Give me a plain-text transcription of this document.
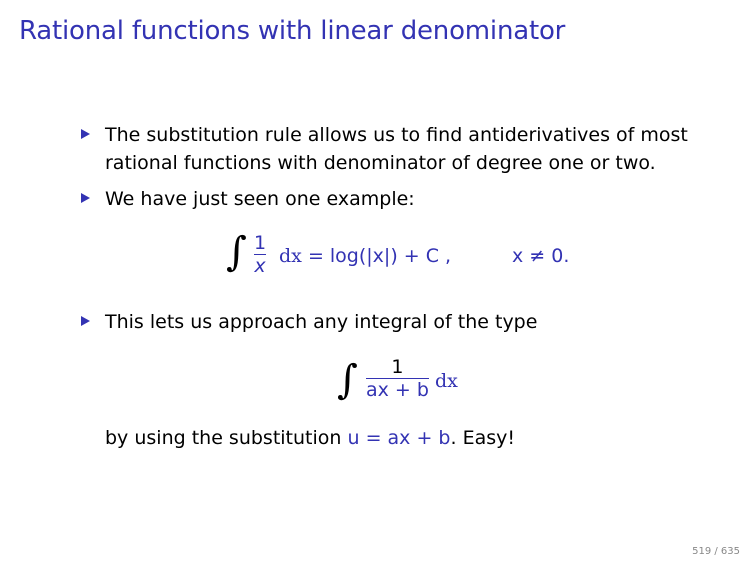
Rational functions with linear denominator
The substitution rule allows us to find antiderivatives of most
rational functions with denominator of degree one or two.
We have just seen one example:
∫ 1
x dx = log(|x|) + C ,	x ≠ 0.
This lets us approach any integral of the type
∫ 1
ax + b dx
by using the substitution u = ax + b. Easy!
519 / 635
